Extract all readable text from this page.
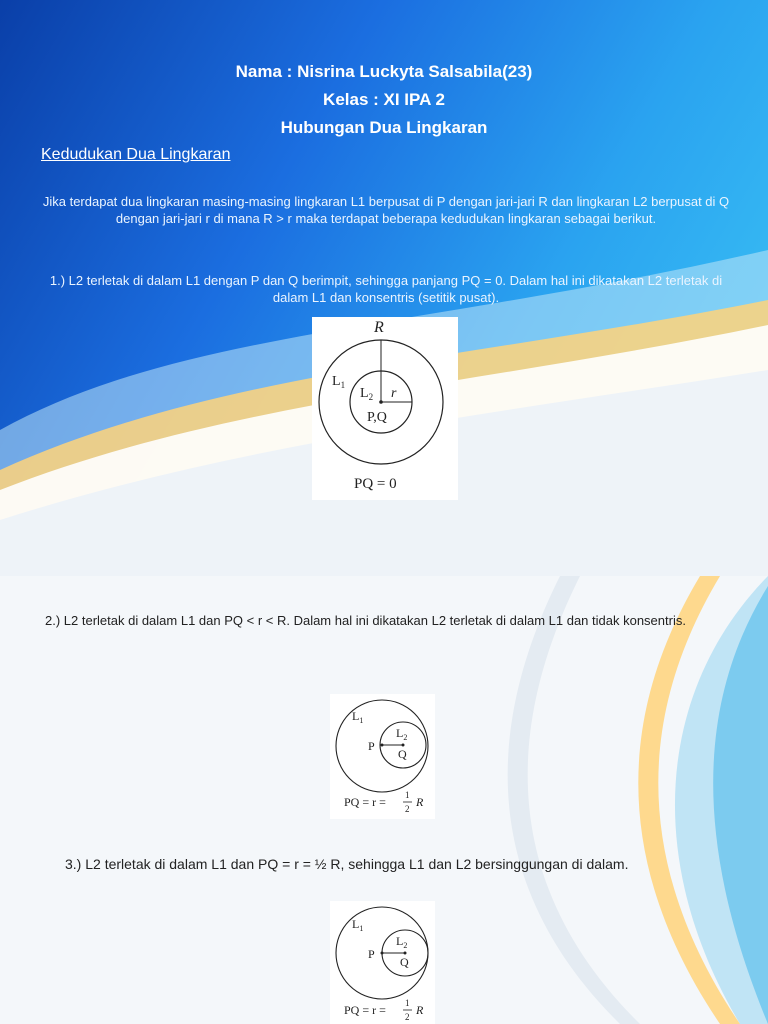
Nama : Nisrina Luckyta Salsabila(23)
Kelas : XI IPA 2
Hubungan Dua Lingkaran
Kedudukan Dua Lingkaran
Jika terdapat dua lingkaran masing-masing lingkaran L1 berpusat di P dengan jari-jari R dan lingkaran L2 berpusat di Q dengan jari-jari r di mana R > r maka terdapat beberapa kedudukan lingkaran sebagai berikut.
1.) L2 terletak di dalam L1 dengan P dan Q berimpit, sehingga panjang PQ = 0. Dalam hal ini dikatakan L2 terletak di dalam L1 dan konsentris (setitik pusat).
R
$L_1$
$L_2$ r
P,Q
PQ = 0
2.) L2 terletak di dalam L1 dan PQ < r < R. Dalam hal ini dikatakan L2 terletak di dalam L1 dan tidak konsentris.
$L_1$
$L_2$
P
Q
PQ = r = 1
2 R
3.) L2 terletak di dalam L1 dan PQ = r = ½ R, sehingga L1 dan L2 bersinggungan di dalam.
$L_1$
$L_2$
P
Q
PQ = r = 1
2 R
